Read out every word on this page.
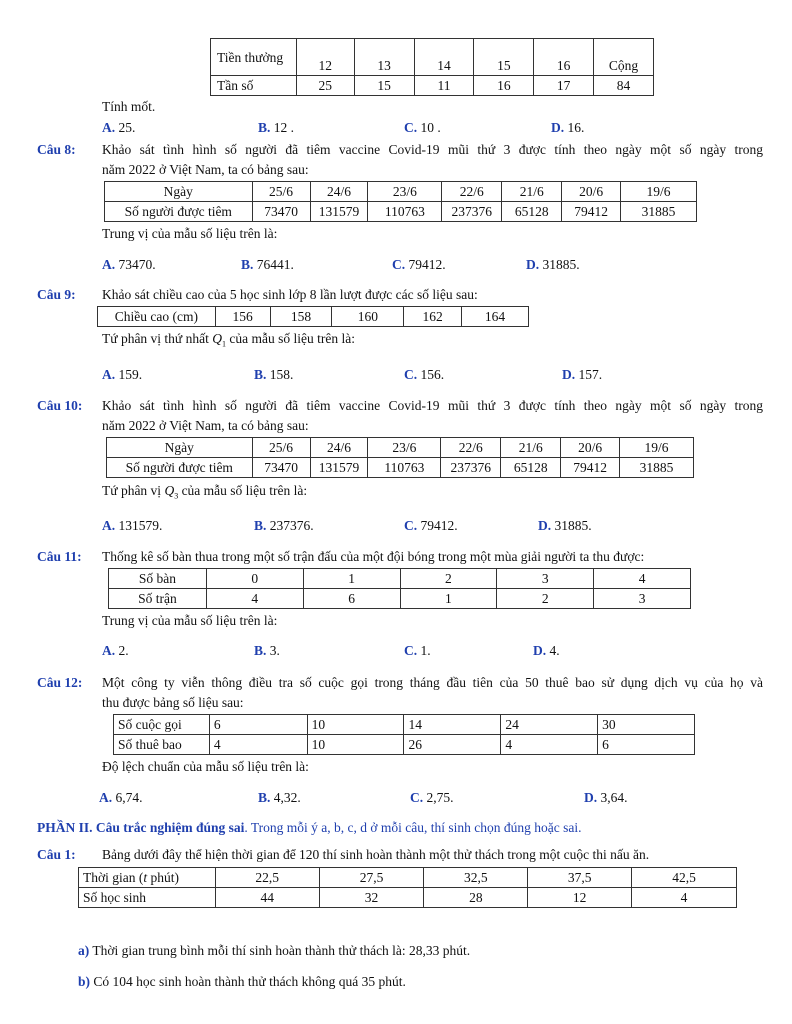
Tiền thưởng	12	13	14	15	16	Cộng
Tần số	25	15	11	16	17	84
Tính mốt.
A. 25.	B. 12 .	C. 10 .	D. 16.
Câu 8: Khảo sát tình hình số người đã tiêm vaccine Covid-19 mũi thứ 3 được tính theo ngày một số ngày trong
năm 2022 ở Việt Nam, ta có bảng sau:
Ngày	25/6	24/6	23/6	22/6	21/6	20/6	19/6
Số người được tiêm	73470	131579	110763	237376	65128	79412	31885
Trung vị của mẫu số liệu trên là:
A. 73470.	B. 76441.	C. 79412.	D. 31885.
Câu 9: Khảo sát chiều cao của 5 học sinh lớp 8 lần lượt được các số liệu sau:
Chiều cao (cm)	156	158	160	162	164
Tứ phân vị thứ nhất $Q_1$ của mẫu số liệu trên là:
A. 159.	B. 158.	C. 156.	D. 157.
Câu 10: Khảo sát tình hình số người đã tiêm vaccine Covid-19 mũi thứ 3 được tính theo ngày một số ngày trong
năm 2022 ở Việt Nam, ta có bảng sau:
Ngày	25/6	24/6	23/6	22/6	21/6	20/6	19/6
Số người được tiêm	73470	131579	110763	237376	65128	79412	31885
Tứ phân vị $Q_3$ của mẫu số liệu trên là:
A. 131579.	B. 237376.	C. 79412.	D. 31885.
Câu 11: Thống kê số bàn thua trong một số trận đấu của một đội bóng trong một mùa giải người ta thu được:
Số bàn	0	1	2	3	4
Số trận	4	6	1	2	3
Trung vị của mẫu số liệu trên là:
A. 2.	B. 3.	C. 1.	D. 4.
Câu 12: Một công ty viễn thông điều tra số cuộc gọi trong tháng đầu tiên của 50 thuê bao sử dụng dịch vụ của họ và
thu được bảng số liệu sau:
Số cuộc gọi	6	10	14	24	30
Số thuê bao	4	10	26	4	6
Độ lệch chuẩn của mẫu số liệu trên là:
A. 6,74.	B. 4,32.	C. 2,75.	D. 3,64.
PHẦN II. Câu trắc nghiệm đúng sai. Trong mỗi ý a, b, c, d ở mỗi câu, thí sinh chọn đúng hoặc sai.
Câu 1: Bảng dưới đây thể hiện thời gian để 120 thí sinh hoàn thành một thử thách trong một cuộc thi nấu ăn.
Thời gian (t phút)	22,5	27,5	32,5	37,5	42,5
Số học sinh	44	32	28	12	4
a) Thời gian trung bình mỗi thí sinh hoàn thành thử thách là: 28,33 phút.
b) Có 104 học sinh hoàn thành thử thách không quá 35 phút.
